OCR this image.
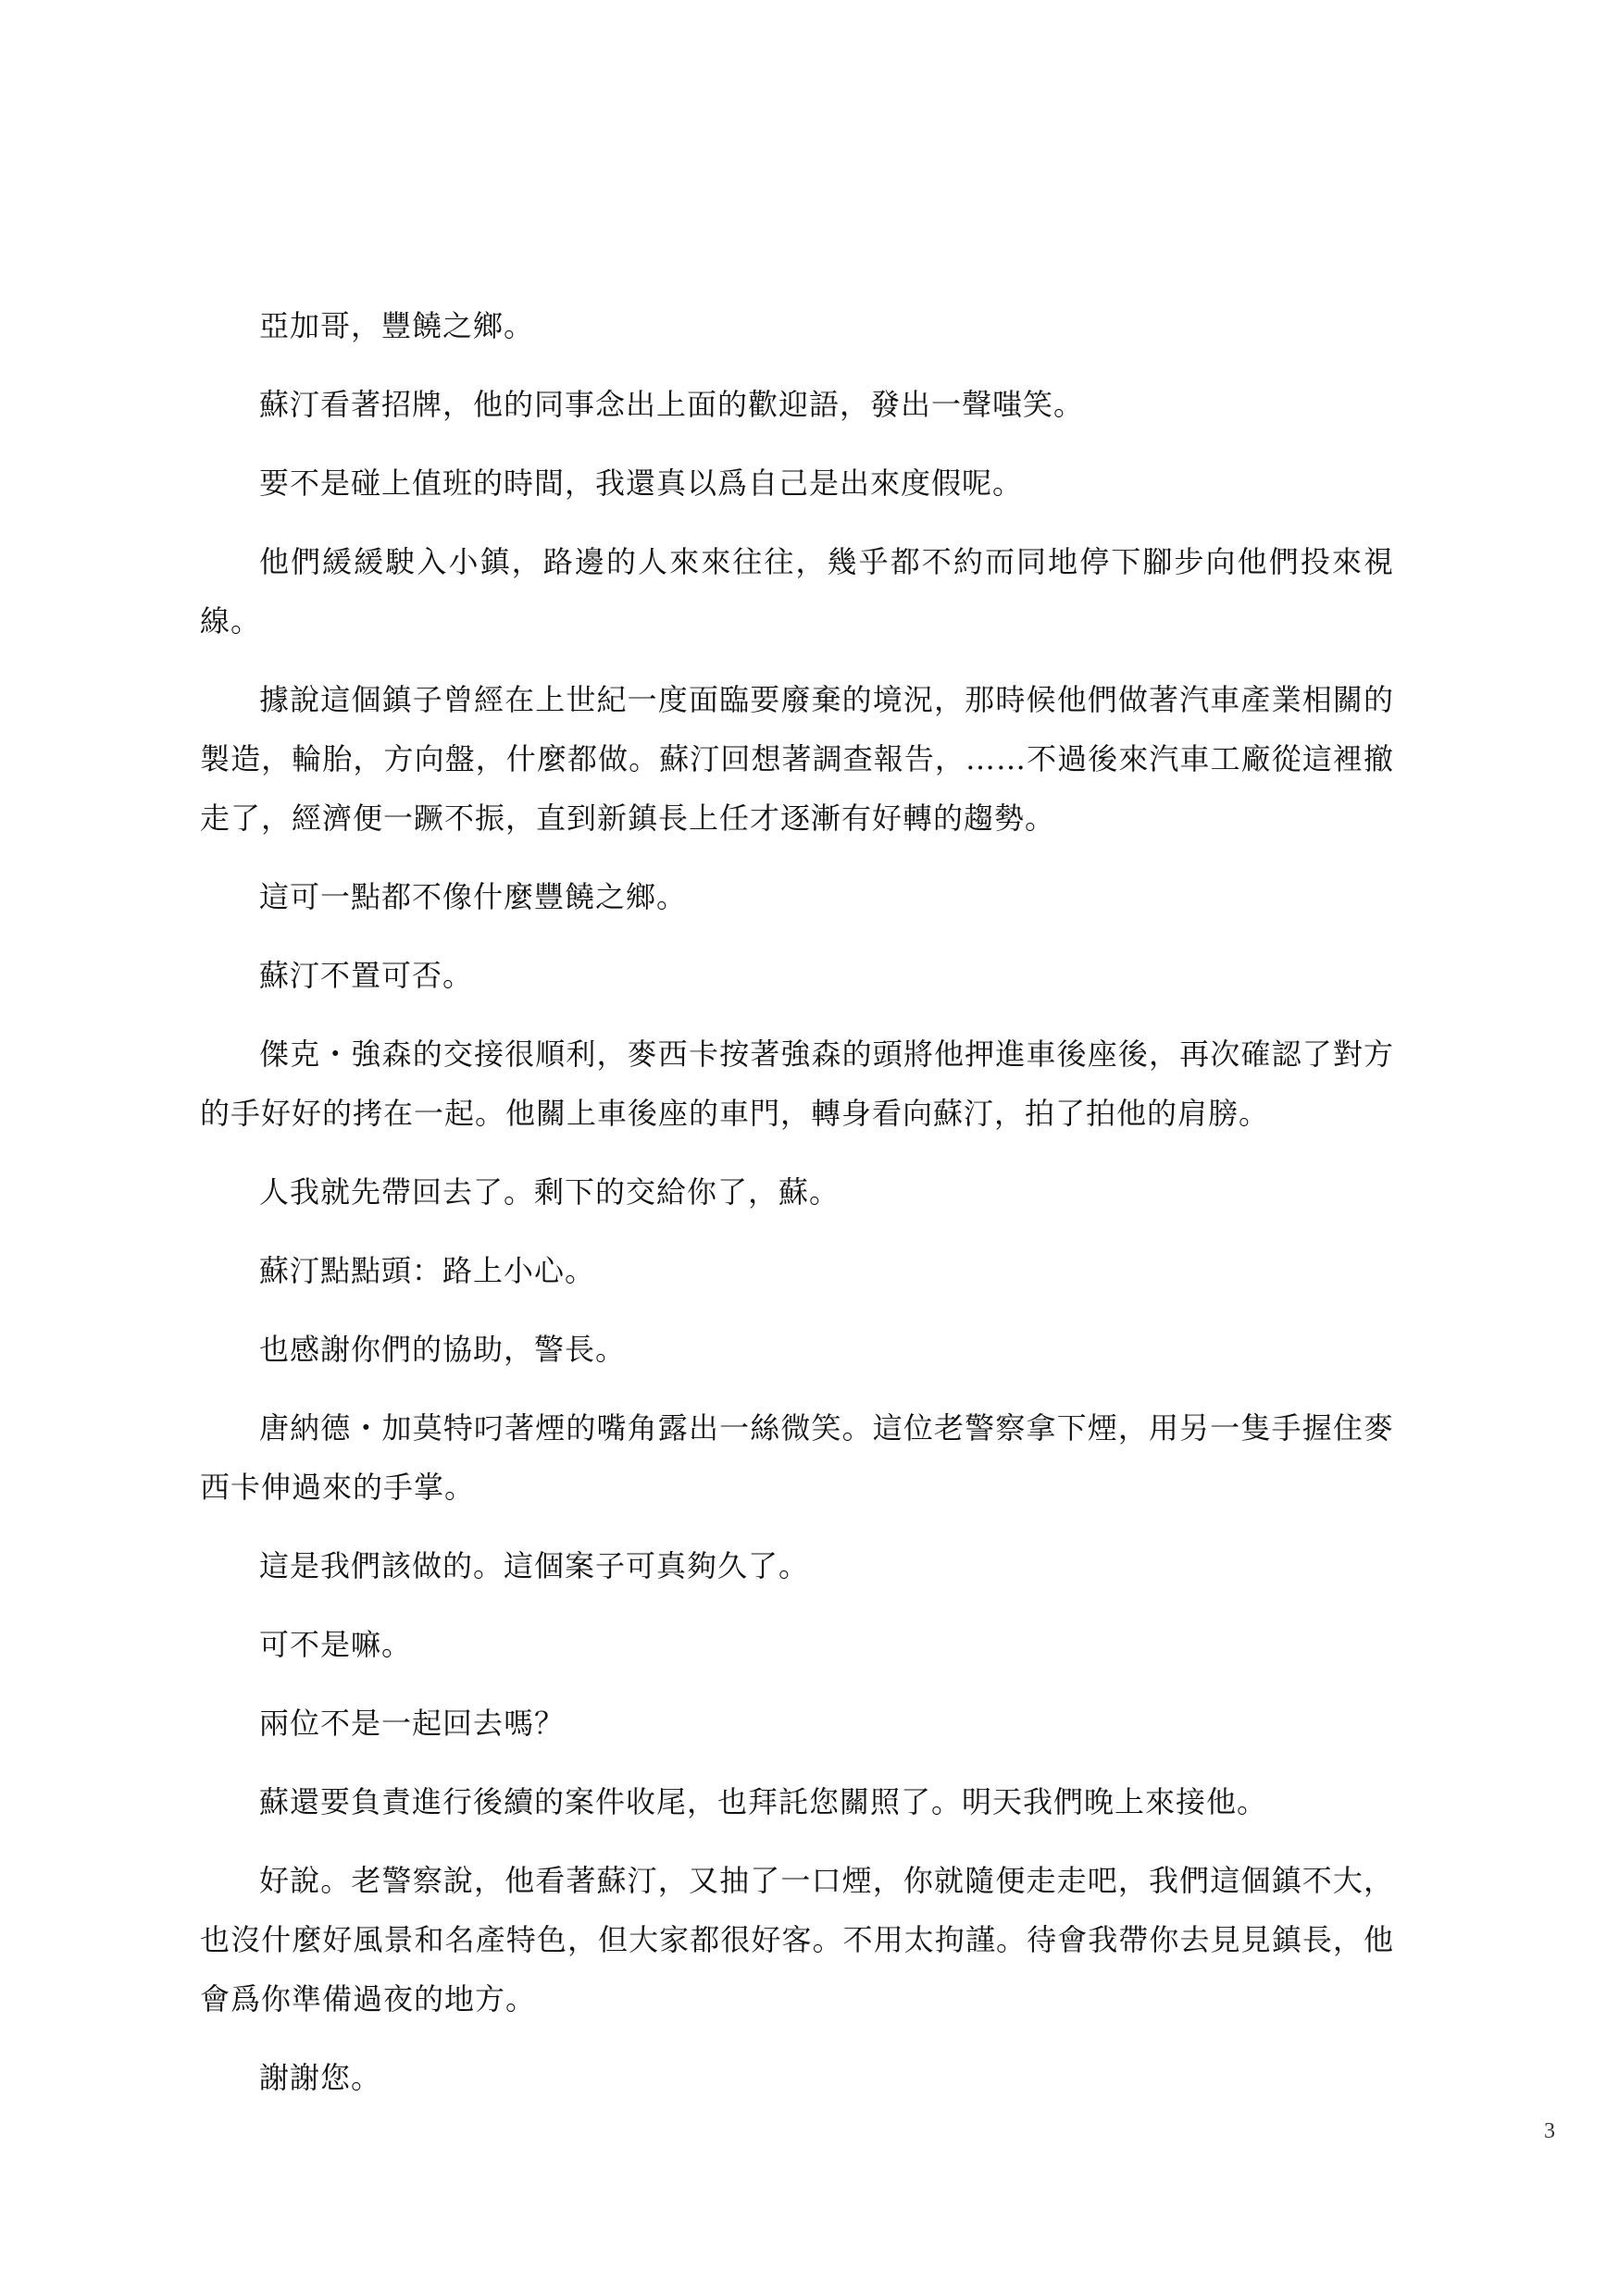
亞加哥，豐饒之鄉。

蘇汀看著招牌，他的同事念出上面的歡迎語，發出一聲嗤笑。

要不是碰上值班的時間，我還真以爲自己是出來度假呢。

他們緩緩駛入小鎮，路邊的人來來往往，幾乎都不約而同地停下腳步向他們投來視線。

據說這個鎮子曾經在上世紀一度面臨要廢棄的境況，那時候他們做著汽車產業相關的製造，輪胎，方向盤，什麼都做。蘇汀回想著調查報告，……不過後來汽車工廠從這裡撤走了，經濟便一蹶不振，直到新鎮長上任才逐漸有好轉的趨勢。

這可一點都不像什麼豐饒之鄉。

蘇汀不置可否。

傑克・強森的交接很順利，麥西卡按著強森的頭將他押進車後座後，再次確認了對方的手好好的拷在一起。他關上車後座的車門，轉身看向蘇汀，拍了拍他的肩膀。

人我就先帶回去了。剩下的交給你了，蘇。

蘇汀點點頭：路上小心。

也感謝你們的協助，警長。

唐納德・加莫特叼著煙的嘴角露出一絲微笑。這位老警察拿下煙，用另一隻手握住麥西卡伸過來的手掌。

這是我們該做的。這個案子可真夠久了。

可不是嘛。

兩位不是一起回去嗎？

蘇還要負責進行後續的案件收尾，也拜託您關照了。明天我們晚上來接他。

好說。老警察說，他看著蘇汀，又抽了一口煙，你就隨便走走吧，我們這個鎮不大，也沒什麼好風景和名產特色，但大家都很好客。不用太拘謹。待會我帶你去見見鎮長，他會爲你準備過夜的地方。

謝謝您。

3
